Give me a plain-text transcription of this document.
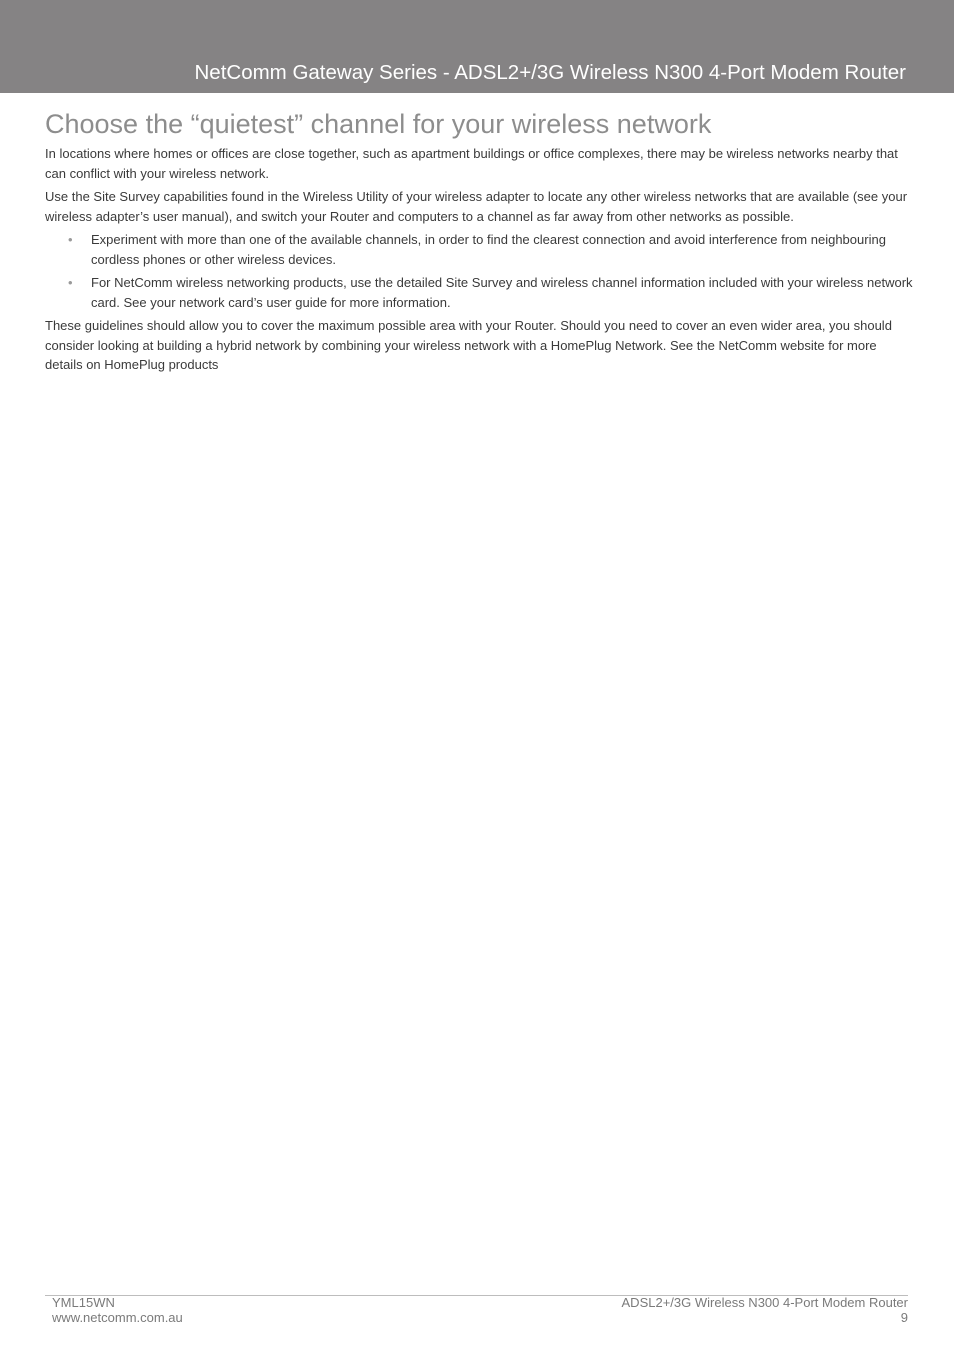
NetComm Gateway Series - ADSL2+/3G Wireless N300 4-Port Modem Router
Choose the “quietest” channel for your wireless network

In locations where homes or offices are close together, such as apartment buildings or office complexes, there may be wireless networks nearby that can conflict with your wireless network.

Use the Site Survey capabilities found in the Wireless Utility of your wireless adapter to locate any other wireless networks that are available (see your wireless adapter’s user manual), and switch your Router and computers to a channel as far away from other networks as possible.

• Experiment with more than one of the available channels, in order to find the clearest connection and avoid interference from neighbouring cordless phones or other wireless devices.
• For NetComm wireless networking products, use the detailed Site Survey and wireless channel information included with your wireless network card. See your network card’s user guide for more information.

These guidelines should allow you to cover the maximum possible area with your Router. Should you need to cover an even wider area, you should consider looking at building a hybrid network by combining your wireless network with a HomePlug Network. See the NetComm website for more details on HomePlug products

YML15WN
www.netcomm.com.au
ADSL2+/3G Wireless N300 4-Port Modem Router
9
